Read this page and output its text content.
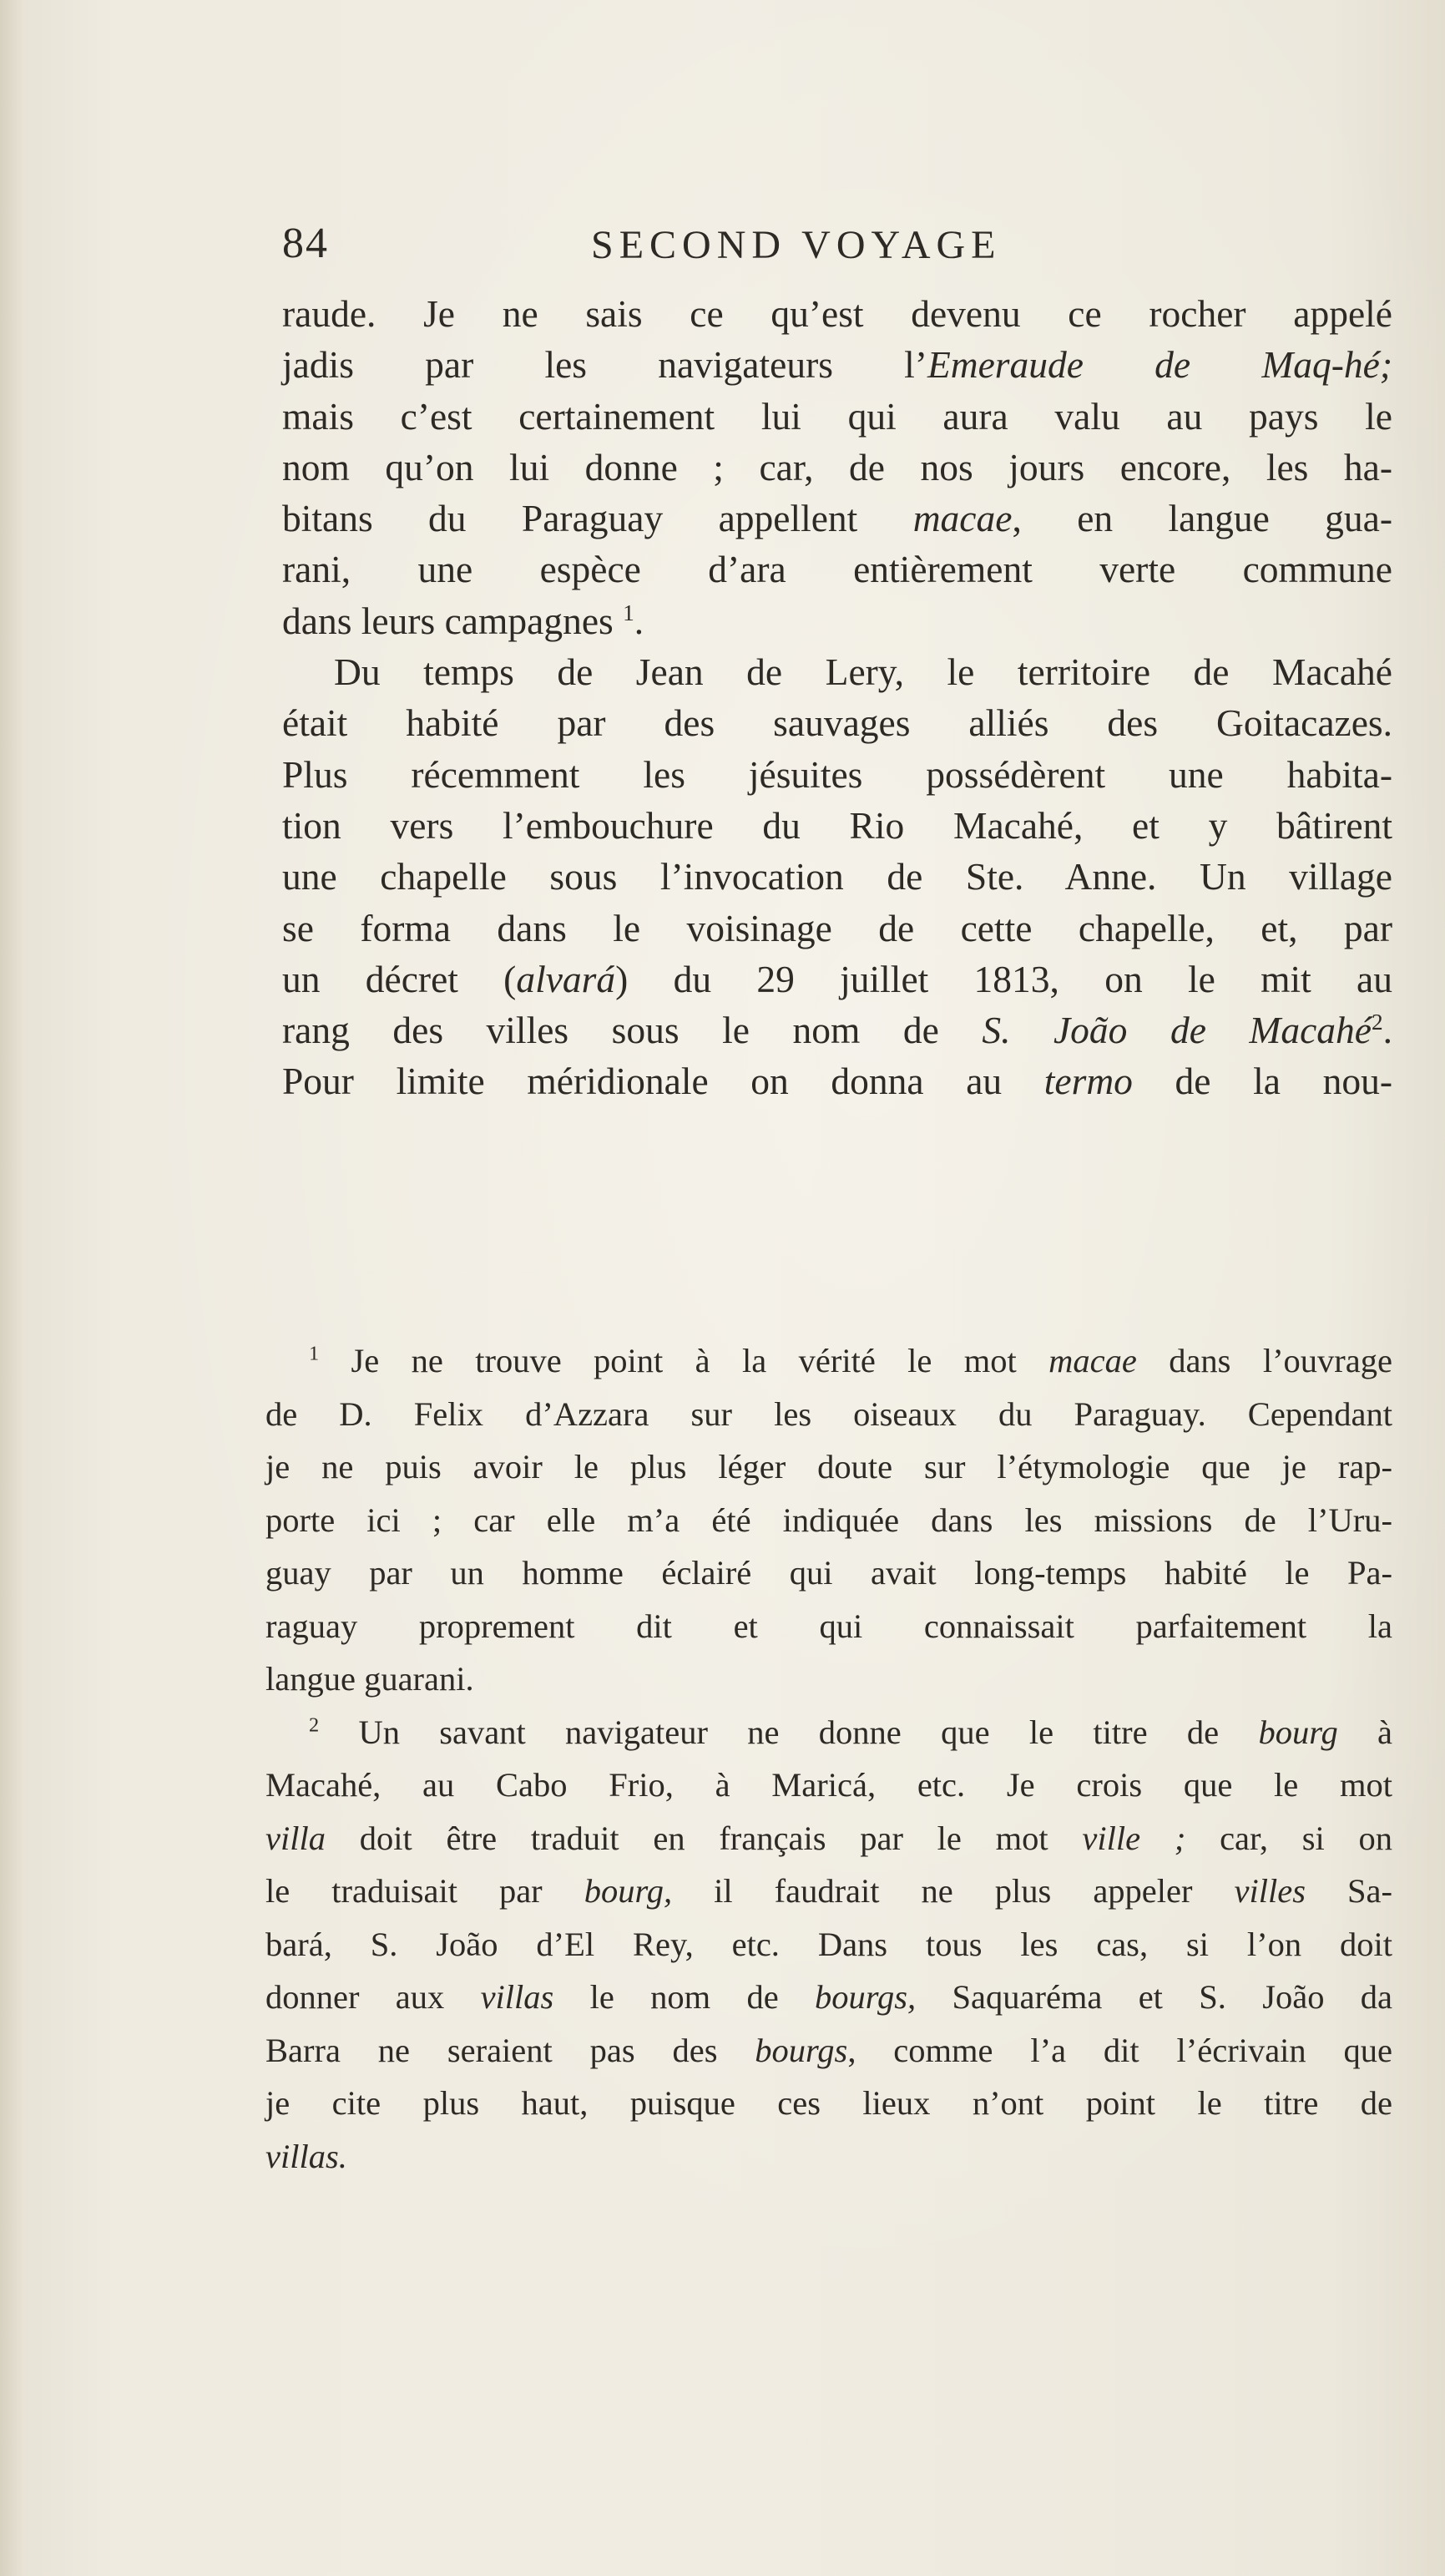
84	SECOND VOYAGE
raude. Je ne sais ce qu’est devenu ce rocher appelé
jadis par les navigateurs l’Emeraude de Maq-hé;
mais c’est certainement lui qui aura valu au pays le
nom qu’on lui donne ; car, de nos jours encore, les ha-
bitans du Paraguay appellent macae, en langue gua-
rani, une espèce d’ara entièrement verte commune
dans leurs campagnes $^1$.
Du temps de Jean de Lery, le territoire de Macahé
était habité par des sauvages alliés des Goitacazes.
Plus récemment les jésuites possédèrent une habita-
tion vers l’embouchure du Rio Macahé, et y bâtirent
une chapelle sous l’invocation de Ste. Anne. Un village
se forma dans le voisinage de cette chapelle, et, par
un décret (alvará) du 29 juillet 1813, on le mit au
rang des villes sous le nom de S. João de Macahé$^2$.
Pour limite méridionale on donna au termo de la nou-
$^1$ Je ne trouve point à la vérité le mot macae dans l’ouvrage
de D. Felix d’Azzara sur les oiseaux du Paraguay. Cependant
je ne puis avoir le plus léger doute sur l’étymologie que je rap-
porte ici ; car elle m’a été indiquée dans les missions de l’Uru-
guay par un homme éclairé qui avait long-temps habité le Pa-
raguay proprement dit et qui connaissait parfaitement la
langue guarani.
$^2$ Un savant navigateur ne donne que le titre de bourg à
Macahé, au Cabo Frio, à Maricá, etc. Je crois que le mot
villa doit être traduit en français par le mot ville ; car, si on
le traduisait par bourg, il faudrait ne plus appeler villes Sa-
bará, S. João d’El Rey, etc. Dans tous les cas, si l’on doit
donner aux villas le nom de bourgs, Saquaréma et S. João da
Barra ne seraient pas des bourgs, comme l’a dit l’écrivain que
je cite plus haut, puisque ces lieux n’ont point le titre de
villas.
